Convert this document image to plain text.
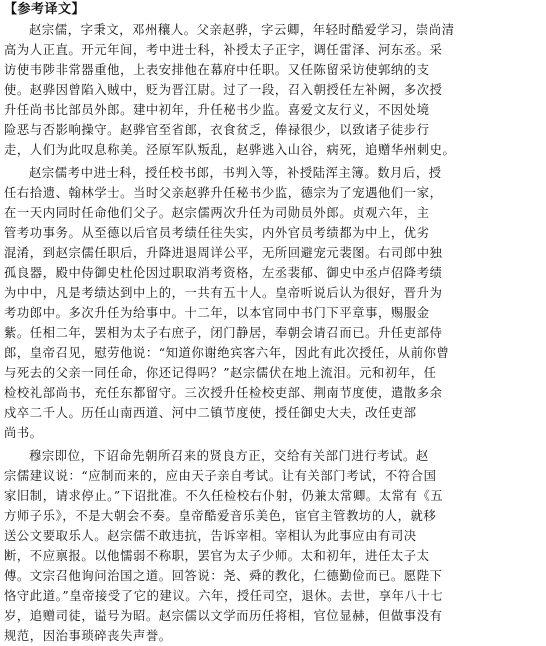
【参考译文】
赵宗儒，字秉文，邓州穰人。父亲赵骅，字云卿，年轻时酷爱学习，崇尚清
高为人正直。开元年间，考中进士科，补授太子正字，调任雷泽、河东丞。采
访使韦陟非常器重他，上表安排他在幕府中任职。又任陈留采访使郭纳的支
使。赵骅因曾陷入贼中，贬为晋江尉。过了一段，召入朝授任左补阙，多次授
升任尚书比部员外郎。建中初年，升任秘书少监。喜爱文友行义，不因处境
险恶与否影响操守。赵骅官至省郎，衣食贫乏，俸禄很少，以致诸子徒步行
走，人们为此叹息称美。泾原军队叛乱，赵骅逃入山谷，病死，追赠华州刺史。
赵宗儒考中进士科，授任校书郎，书判入等，补授陆浑主簿。数月后，授
任右拾遗、翰林学士。当时父亲赵骅升任秘书少监，德宗为了宠遇他们一家，
在一天内同时任命他们父子。赵宗儒两次升任为司勋员外郎。贞观六年，主
管考功事务。从至德以后官员考绩任往失实，内外官员考绩都为中上，优劣
混淆，到赵宗儒任职后，升降进退周详公平，无所回避宠元裴图。右司郎中独
孤良器，殿中侍御史杜伦因过职取消考资格，左丞裴郁、御史中丞卢佋降考绩
为中中，凡是考绩达到中上的，一共有五十人。皇帝听说后认为很好，晋升为
考功郎中。多次升任为给事中。十二年，以本官同中书门下平章事，赐服金
紫。任相二年，罢相为太子右庶子，闭门静居，奉朝会请召而已。升任吏部侍
郎，皇帝召见，慰劳他说：“知道你谢绝宾客六年，因此有此次授任，从前你曾
与死去的父亲一同任命，你还记得吗？”赵宗儒伏在地上流泪。元和初年，任
检校礼部尚书，充任东都留守。三次授升任检校吏部、荆南节度使，遣散多余
戍卒二千人。历任山南西道、河中二镇节度使，授任御史大夫，改任吏部
尚书。
穆宗即位，下诏命先朝所召来的贤良方正，交给有关部门进行考试。赵
宗儒建议说：“应制而来的，应由天子亲自考试。让有关部门考试，不符合国
家旧制，请求停止。”下诏批准。不久任检校右仆射，仍兼太常卿。太常有《五
方师子乐》，不是大朝会不奏。皇帝酷爱音乐美色，宦官主管教坊的人，就移
送公文要取乐人。赵宗儒不敢违抗，告诉宰相。宰相认为此事应由有司决
断，不应禀报。以他懦弱不称职，罢官为太子少师。太和初年，进任太子太
傅。文宗召他询问治国之道。回答说：尧、舜的教化，仁德勤俭而已。愿陛下
恪守此道。”皇帝接受了它的建议。六年，授任司空，退休。去世，享年八十七
岁，追赠司徒，谥号为昭。赵宗儒以文学而历任将相，官位显赫，但做事没有
规范，因治事琐碎丧失声誉。
